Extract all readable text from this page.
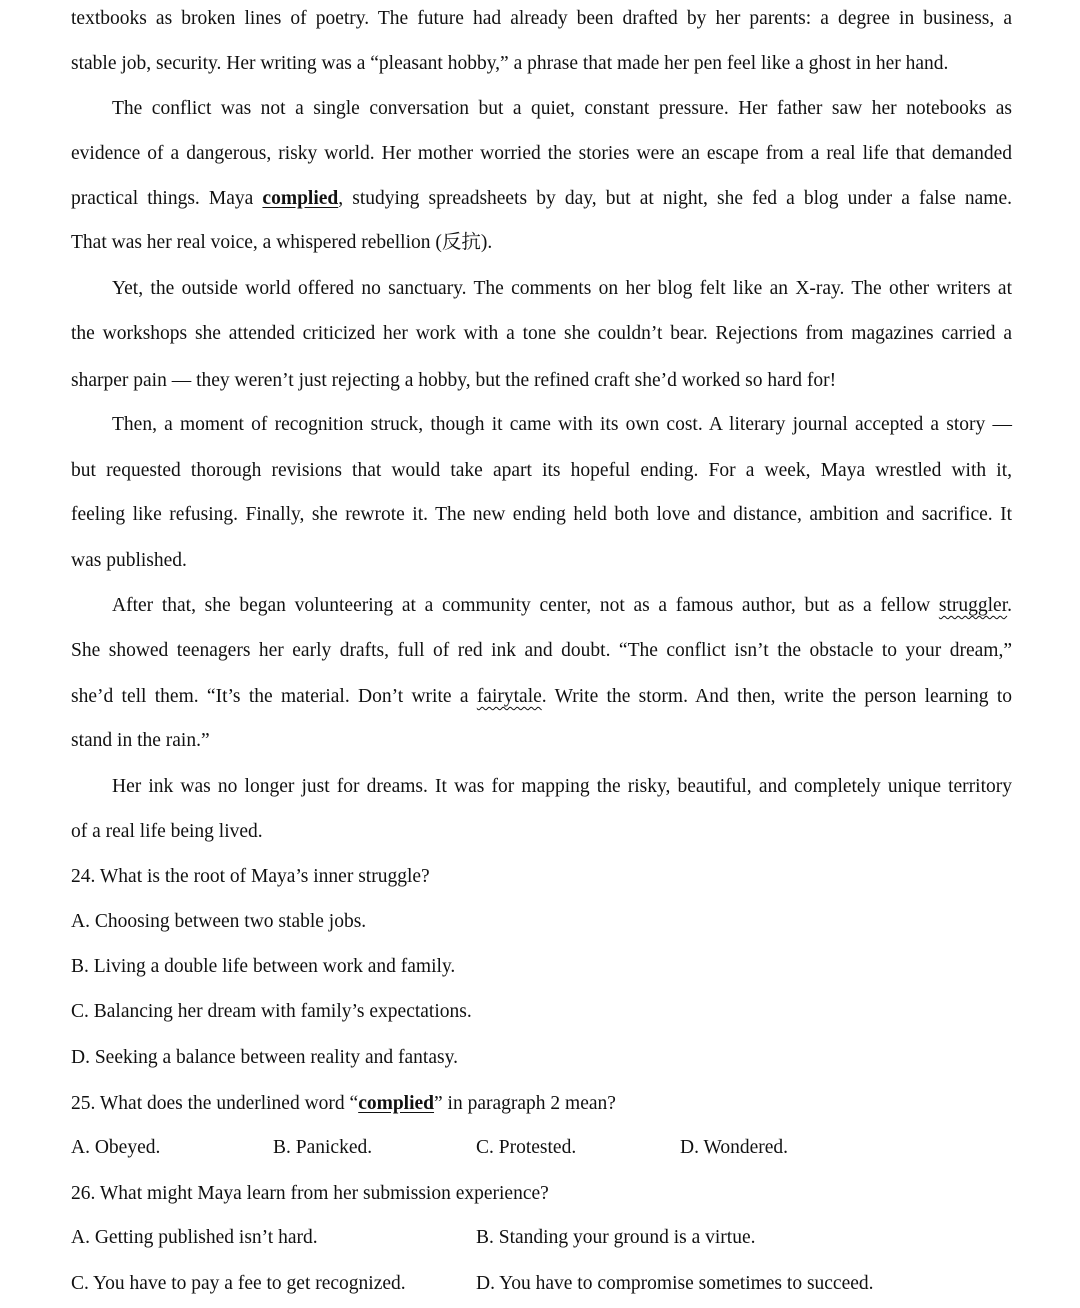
textbooks as broken lines of poetry. The future had already been drafted by her parents: a degree in business, a
stable job, security. Her writing was a “pleasant hobby,” a phrase that made her pen feel like a ghost in her hand.
The conflict was not a single conversation but a quiet, constant pressure. Her father saw her notebooks as
evidence of a dangerous, risky world. Her mother worried the stories were an escape from a real life that demanded
practical things. Maya complied, studying spreadsheets by day, but at night, she fed a blog under a false name.
That was her real voice, a whispered rebellion (反抗).
Yet, the outside world offered no sanctuary. The comments on her blog felt like an X-ray. The other writers at
the workshops she attended criticized her work with a tone she couldn’t bear. Rejections from magazines carried a
sharper pain — they weren’t just rejecting a hobby, but the refined craft she’d worked so hard for!
Then, a moment of recognition struck, though it came with its own cost. A literary journal accepted a story —
but requested thorough revisions that would take apart its hopeful ending. For a week, Maya wrestled with it,
feeling like refusing. Finally, she rewrote it. The new ending held both love and distance, ambition and sacrifice. It
was published.
After that, she began volunteering at a community center, not as a famous author, but as a fellow struggler.
She showed teenagers her early drafts, full of red ink and doubt. “The conflict isn’t the obstacle to your dream,”
she’d tell them. “It’s the material. Don’t write a fairytale. Write the storm. And then, write the person learning to
stand in the rain.”
Her ink was no longer just for dreams. It was for mapping the risky, beautiful, and completely unique territory
of a real life being lived.
24. What is the root of Maya’s inner struggle?
A. Choosing between two stable jobs.
B. Living a double life between work and family.
C. Balancing her dream with family’s expectations.
D. Seeking a balance between reality and fantasy.
25. What does the underlined word “complied” in paragraph 2 mean?
A. Obeyed.	B. Panicked.	C. Protested.	D. Wondered.
26. What might Maya learn from her submission experience?
A. Getting published isn’t hard.	B. Standing your ground is a virtue.
C. You have to pay a fee to get recognized.	D. You have to compromise sometimes to succeed.
